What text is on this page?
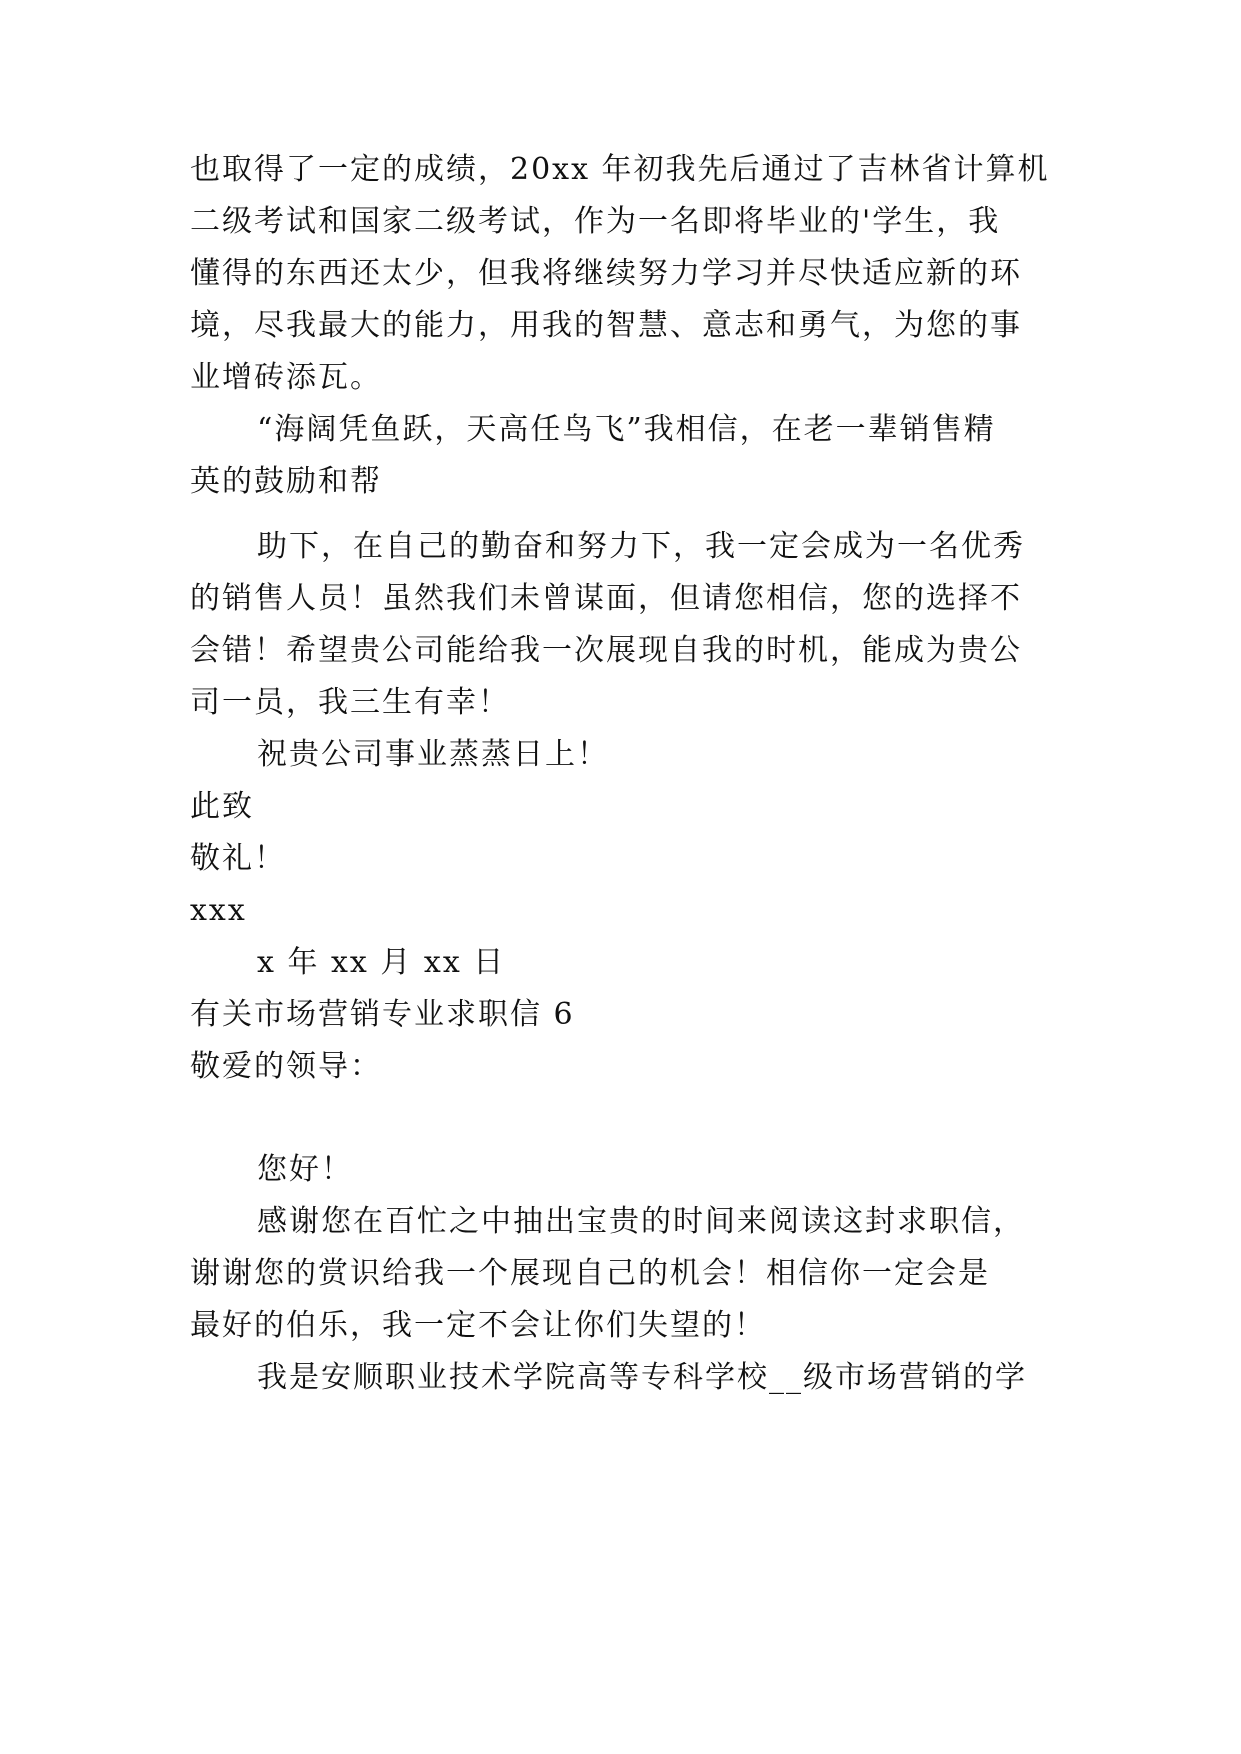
也取得了一定的成绩，20xx 年初我先后通过了吉林省计算机
二级考试和国家二级考试，作为一名即将毕业的'学生，我
懂得的东西还太少，但我将继续努力学习并尽快适应新的环
境，尽我最大的能力，用我的智慧、意志和勇气，为您的事
业增砖添瓦。
“海阔凭鱼跃，天高任鸟飞”我相信，在老一辈销售精
英的鼓励和帮
助下，在自己的勤奋和努力下，我一定会成为一名优秀
的销售人员！虽然我们未曾谋面，但请您相信，您的选择不
会错！希望贵公司能给我一次展现自我的时机，能成为贵公
司一员，我三生有幸！
祝贵公司事业蒸蒸日上！
此致
敬礼！
xxx
x 年 xx 月 xx 日
有关市场营销专业求职信 6
敬爱的领导：
您好！
感谢您在百忙之中抽出宝贵的时间来阅读这封求职信，
谢谢您的赏识给我一个展现自己的机会！相信你一定会是
最好的伯乐，我一定不会让你们失望的！
我是安顺职业技术学院高等专科学校__级市场营销的学
